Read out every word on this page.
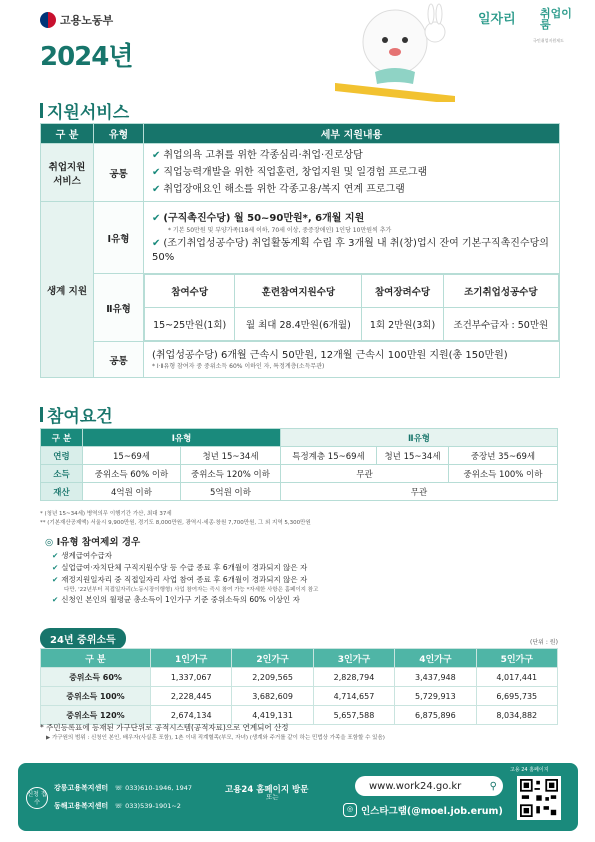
고용노동부
2024년
일자리 취업이룸
국민취업지원제도
지원서비스
구 분	유형	세부 지원내용
취업지원 서비스	공통	
✔ 취업의욕 고취를 위한 각종심리·취업·진로상담
✔ 직업능력개발을 위한 직업훈련, 창업지원 및 일경험 프로그램
✔ 취업장애요인 해소를 위한 각종고용/복지 연계 프로그램

생계 지원	Ⅰ유형	
✔ (구직촉진수당) 월 50~90만원*, 6개월 지원
* 기본 50만원 및 부양가족(18세 이하, 70세 이상, 중증장애인) 1인당 10만원씩 추가
✔ (조기취업성공수당) 취업활동계획 수립 후 3개월 내 취(창)업시 잔여 기본구직촉진수당의 50%

Ⅱ유형	
참여수당	훈련참여지원수당	참여장려수당	조기취업성공수당
15~25만원(1회)	월 최대 28.4만원(6개월)	1회 2만원(3회)	조건부수급자 : 50만원

공통	
(취업성공수당) 6개월 근속시 50만원, 12개월 근속시 100만원 지원(총 150만원)
* Ⅰ·Ⅱ유형 참여자 중 중위소득 60% 이하인 자, 특정계층(소득무관)
참여요건
구 분	Ⅰ유형		Ⅱ유형		
연령	15~69세	청년 15~34세	특정계층 15~69세	청년 15~34세	중장년 35~69세
소득	중위소득 60% 이하	중위소득 120% 이하	무관		중위소득 100% 이하
재산	4억원 이하	5억원 이하	무관		
* (청년 15~34세) 병역의무 이행기간 가산, 최대 37세
** (기본재산공제액) 서울시 9,900만원, 경기도 8,000만원, 광역시·세종·창원 7,700만원, 그 외 지역 5,300만원
◎ Ⅰ유형 참여제외 경우
✔ 생계급여수급자
✔ 실업급여·자치단체 구직지원수당 등 수급 종료 후 6개월이 경과되지 않은 자
✔ 재정지원일자리 중 직접일자리 사업 참여 종료 후 6개월이 경과되지 않은 자
다만, '22년부터 직접일자리(노동시장이행형) 사업 참여자는 즉시 참여 가능 *자세한 사항은 홈페이지 참고
✔ 신청인 본인의 월평균 총소득이 1인가구 기준 중위소득의 60% 이상인 자
24년 중위소득	(단위 : 원)
구 분	1인가구	2인가구	3인가구	4인가구	5인가구
중위소득 60%	1,337,067	2,209,565	2,828,794	3,437,948	4,017,441
중위소득 100%	2,228,445	3,682,609	4,714,657	5,729,913	6,695,735
중위소득 120%	2,674,134	4,419,131	5,657,588	6,875,896	8,034,882
* 주민등록표에 등재된 가구단위로 공적시스템(공적자료)으로 연계되어 산정
▶ 가구원의 범위 : 신청인 본인, 배우자(사실혼 포함), 1촌 이내 직계혈족(부모, 자녀) (생계와 주거를 같이 하는 민법상 가족을 포함할 수 있음)
신청 접수
강릉고용복지센터 ☏ 033)610-1946, 1947
또는
동해고용복지센터 ☏ 033)539-1901~2
고용24 홈페이지 방문	www.work24.go.kr	⚲
◎ 인스타그램(@moel.job.erum)
고용 24 홈페이지
